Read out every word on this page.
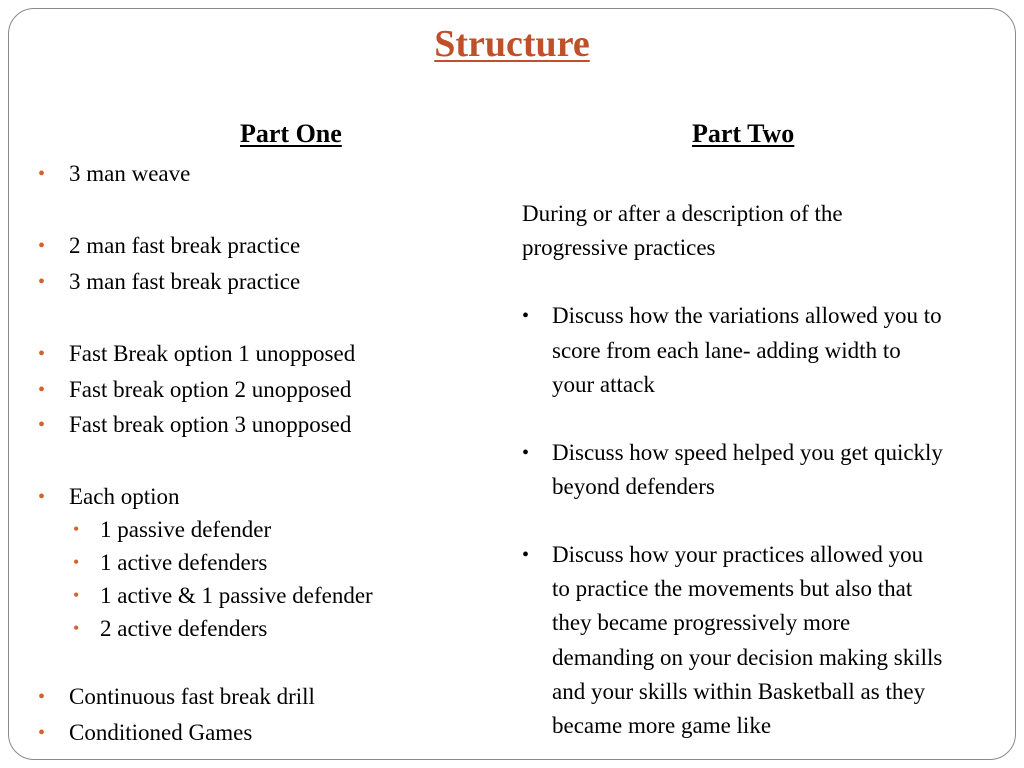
Structure
Part One
• 3 man weave
• 2 man fast break practice
• 3 man fast break practice
• Fast Break option 1 unopposed
• Fast break option 2 unopposed
• Fast break option 3 unopposed
• Each option
• 1 passive defender
• 1 active defenders
• 1 active & 1 passive defender
• 2 active defenders
• Continuous fast break drill
• Conditioned Games
Part Two
During or after a description of the
progressive practices
• Discuss how the variations allowed you to
score from each lane- adding width to
your attack
• Discuss how speed helped you get quickly
beyond defenders
• Discuss how your practices allowed you
to practice the movements but also that
they became progressively more
demanding on your decision making skills
and your skills within Basketball as they
became more game like
